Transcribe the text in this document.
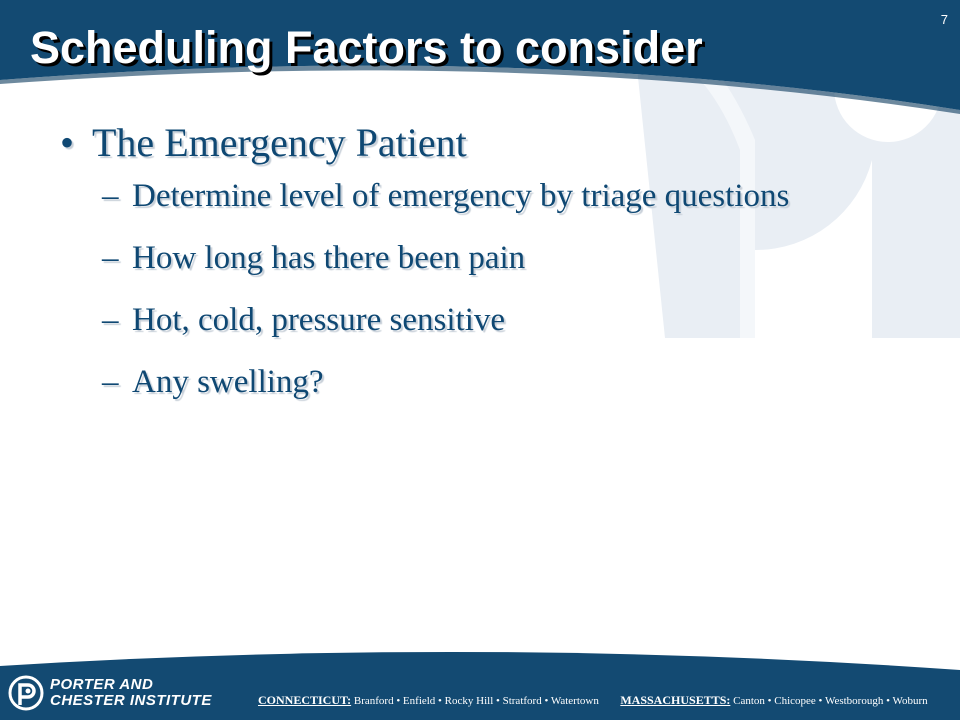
Scheduling Factors to consider
7
• The Emergency Patient
– Determine level of emergency by triage questions
– How long has there been pain
– Hot, cold, pressure sensitive
– Any swelling?
PORTER AND
CHESTER INSTITUTE	CONNECTICUT: Branford • Enfield • Rocky Hill • Stratford • Watertown MASSACHUSETTS: Canton • Chicopee • Westborough • Woburn
